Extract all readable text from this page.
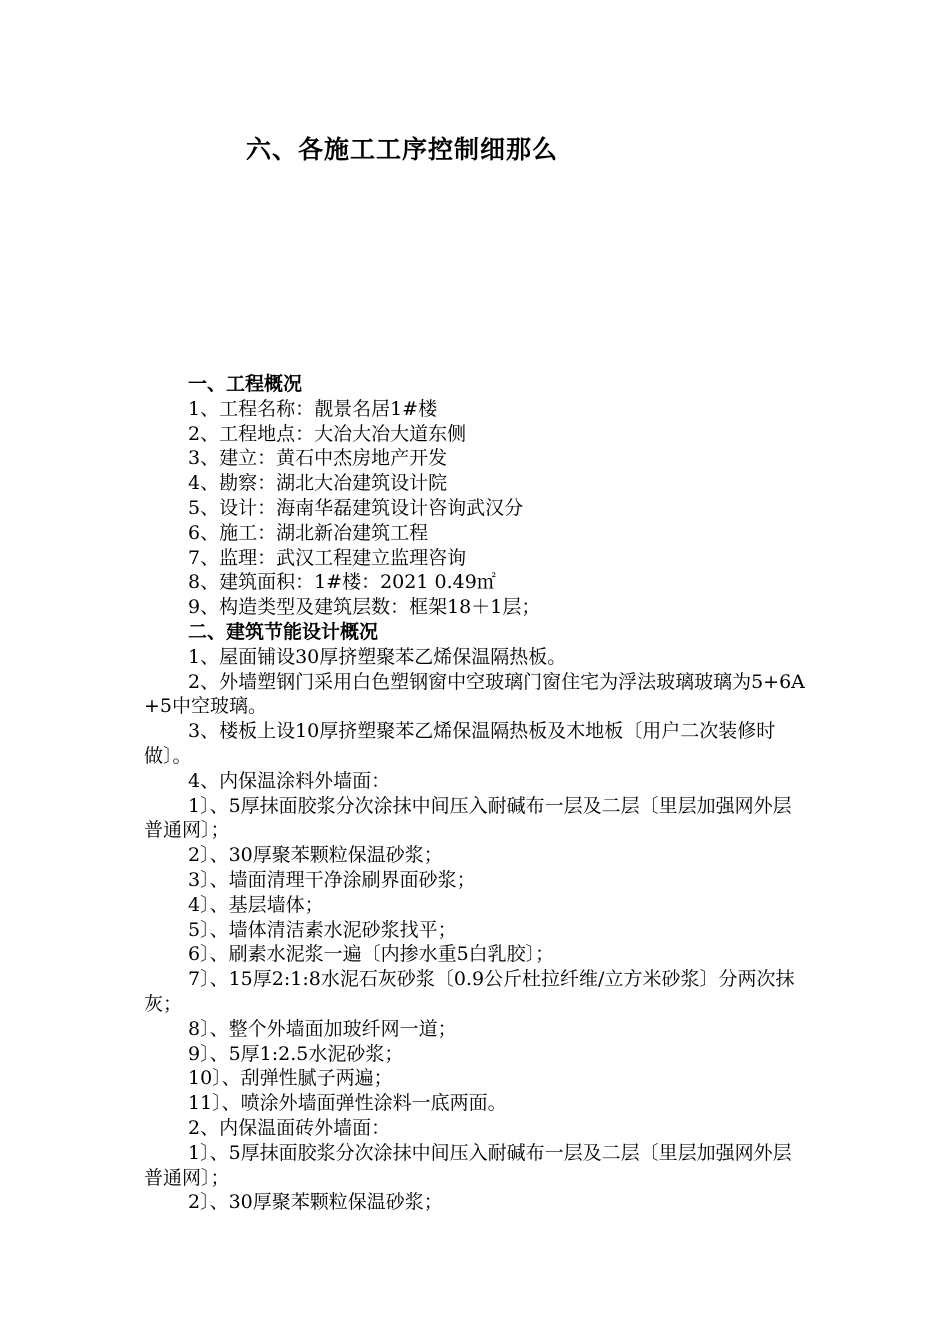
六、各施工工序控制细那么
一、工程概况
1、工程名称：靓景名居1#楼
2、工程地点：大冶大冶大道东侧
3、建立：黄石中杰房地产开发
4、勘察：湖北大冶建筑设计院
5、设计：海南华磊建筑设计咨询武汉分
6、施工：湖北新冶建筑工程
7、监理：武汉工程建立监理咨询
8、建筑面积：1#楼：2021 0.49㎡
9、构造类型及建筑层数：框架18＋1层；
二、建筑节能设计概况
1、屋面铺设30厚挤塑聚苯乙烯保温隔热板。
2、外墙塑钢门采用白色塑钢窗中空玻璃门窗住宅为浮法玻璃玻璃为5+6A+5中空玻璃。
3、楼板上设10厚挤塑聚苯乙烯保温隔热板及木地板〔用户二次装修时做〕。
4、内保温涂料外墙面：
1〕、5厚抹面胶浆分次涂抹中间压入耐碱布一层及二层〔里层加强网外层普通网〕；
2〕、30厚聚苯颗粒保温砂浆；
3〕、墙面清理干净涂刷界面砂浆；
4〕、基层墙体；
5〕、墙体清洁素水泥砂浆找平；
6〕、刷素水泥浆一遍〔内掺水重5白乳胶〕；
7〕、15厚2:1:8水泥石灰砂浆〔0.9公斤杜拉纤维/立方米砂浆〕分两次抹灰；
8〕、整个外墙面加玻纤网一道；
9〕、5厚1:2.5水泥砂浆；
10〕、刮弹性腻子两遍；
11〕、喷涂外墙面弹性涂料一底两面。
2、内保温面砖外墙面：
1〕、5厚抹面胶浆分次涂抹中间压入耐碱布一层及二层〔里层加强网外层普通网〕；
2〕、30厚聚苯颗粒保温砂浆；
